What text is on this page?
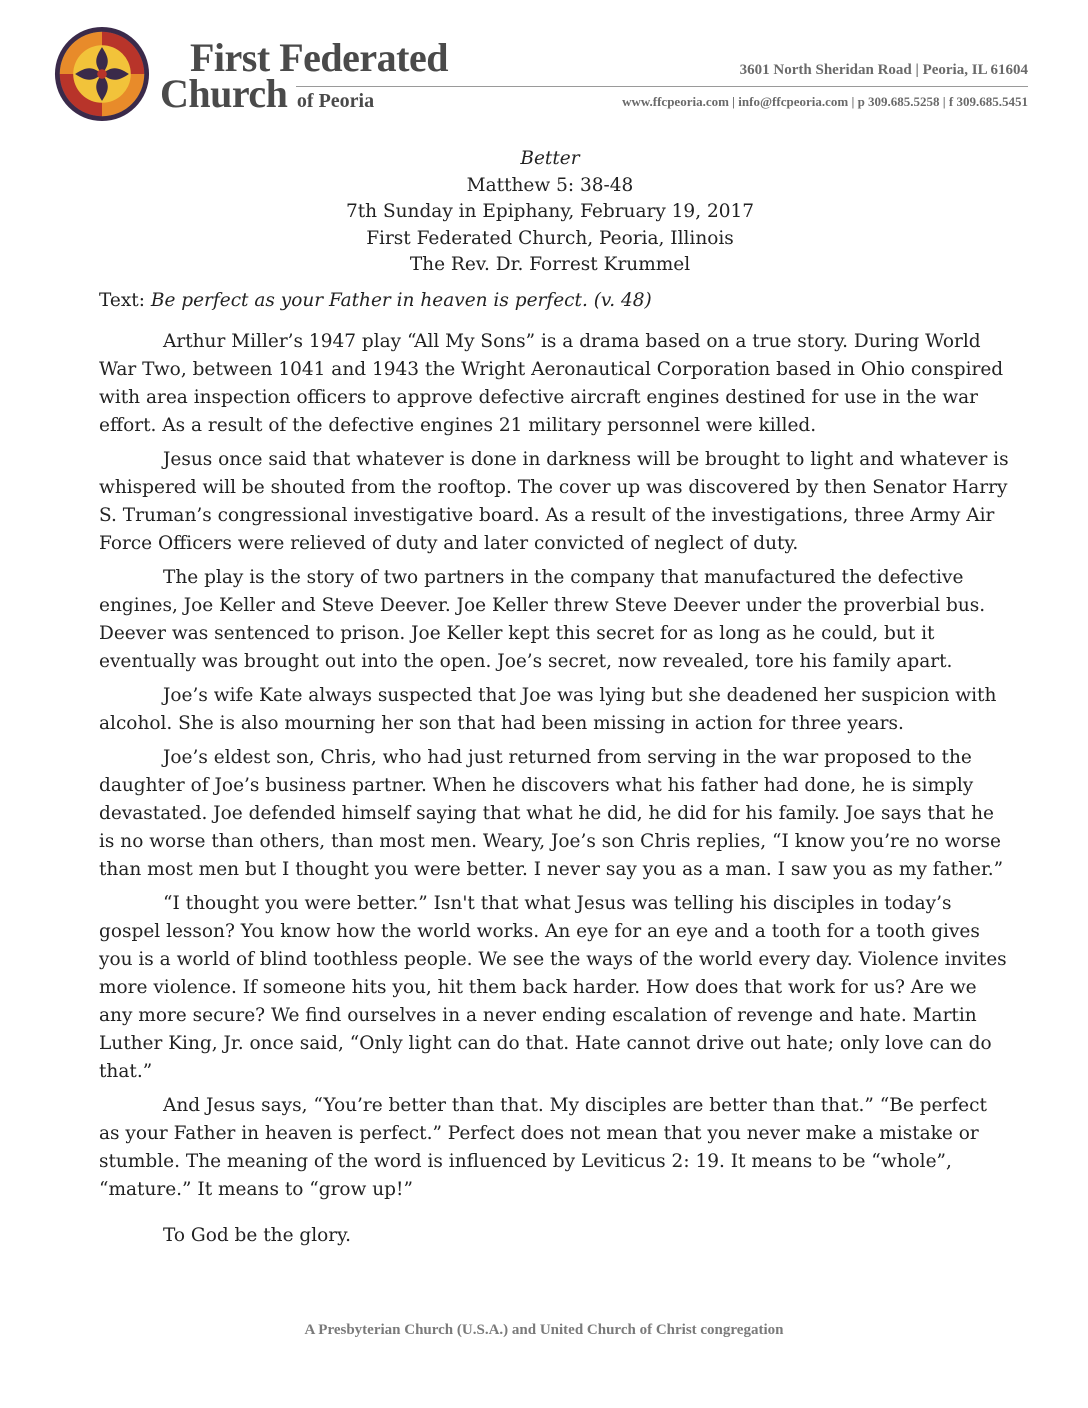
First Federated
Church of Peoria
3601 North Sheridan Road | Peoria, IL 61604
www.ffcpeoria.com | info@ffcpeoria.com | p 309.685.5258 | f 309.685.5451
Better
Matthew 5: 38-48
7th Sunday in Epiphany, February 19, 2017
First Federated Church, Peoria, Illinois
The Rev. Dr. Forrest Krummel
Text: Be perfect as your Father in heaven is perfect. (v. 48)

Arthur Miller’s 1947 play “All My Sons” is a drama based on a true story. During World War Two, between 1041 and 1943 the Wright Aeronautical Corporation based in Ohio conspired with area inspection officers to approve defective aircraft engines destined for use in the war effort. As a result of the defective engines 21 military personnel were killed.

Jesus once said that whatever is done in darkness will be brought to light and whatever is whispered will be shouted from the rooftop. The cover up was discovered by then Senator Harry S. Truman’s congressional investigative board. As a result of the investigations, three Army Air Force Officers were relieved of duty and later convicted of neglect of duty.

The play is the story of two partners in the company that manufactured the defective engines, Joe Keller and Steve Deever. Joe Keller threw Steve Deever under the proverbial bus. Deever was sentenced to prison. Joe Keller kept this secret for as long as he could, but it eventually was brought out into the open. Joe’s secret, now revealed, tore his family apart.

Joe’s wife Kate always suspected that Joe was lying but she deadened her suspicion with alcohol. She is also mourning her son that had been missing in action for three years.

Joe’s eldest son, Chris, who had just returned from serving in the war proposed to the daughter of Joe’s business partner. When he discovers what his father had done, he is simply devastated. Joe defended himself saying that what he did, he did for his family. Joe says that he is no worse than others, than most men. Weary, Joe’s son Chris replies, “I know you’re no worse than most men but I thought you were better. I never say you as a man. I saw you as my father.”

“I thought you were better.” Isn't that what Jesus was telling his disciples in today’s gospel lesson? You know how the world works. An eye for an eye and a tooth for a tooth gives you is a world of blind toothless people. We see the ways of the world every day. Violence invites more violence. If someone hits you, hit them back harder. How does that work for us? Are we any more secure? We find ourselves in a never ending escalation of revenge and hate. Martin Luther King, Jr. once said, “Only light can do that. Hate cannot drive out hate; only love can do that.”

And Jesus says, “You’re better than that. My disciples are better than that.” “Be perfect as your Father in heaven is perfect.” Perfect does not mean that you never make a mistake or stumble. The meaning of the word is influenced by Leviticus 2: 19. It means to be “whole”, “mature.” It means to “grow up!”

To God be the glory.

A Presbyterian Church (U.S.A.) and United Church of Christ congregation
